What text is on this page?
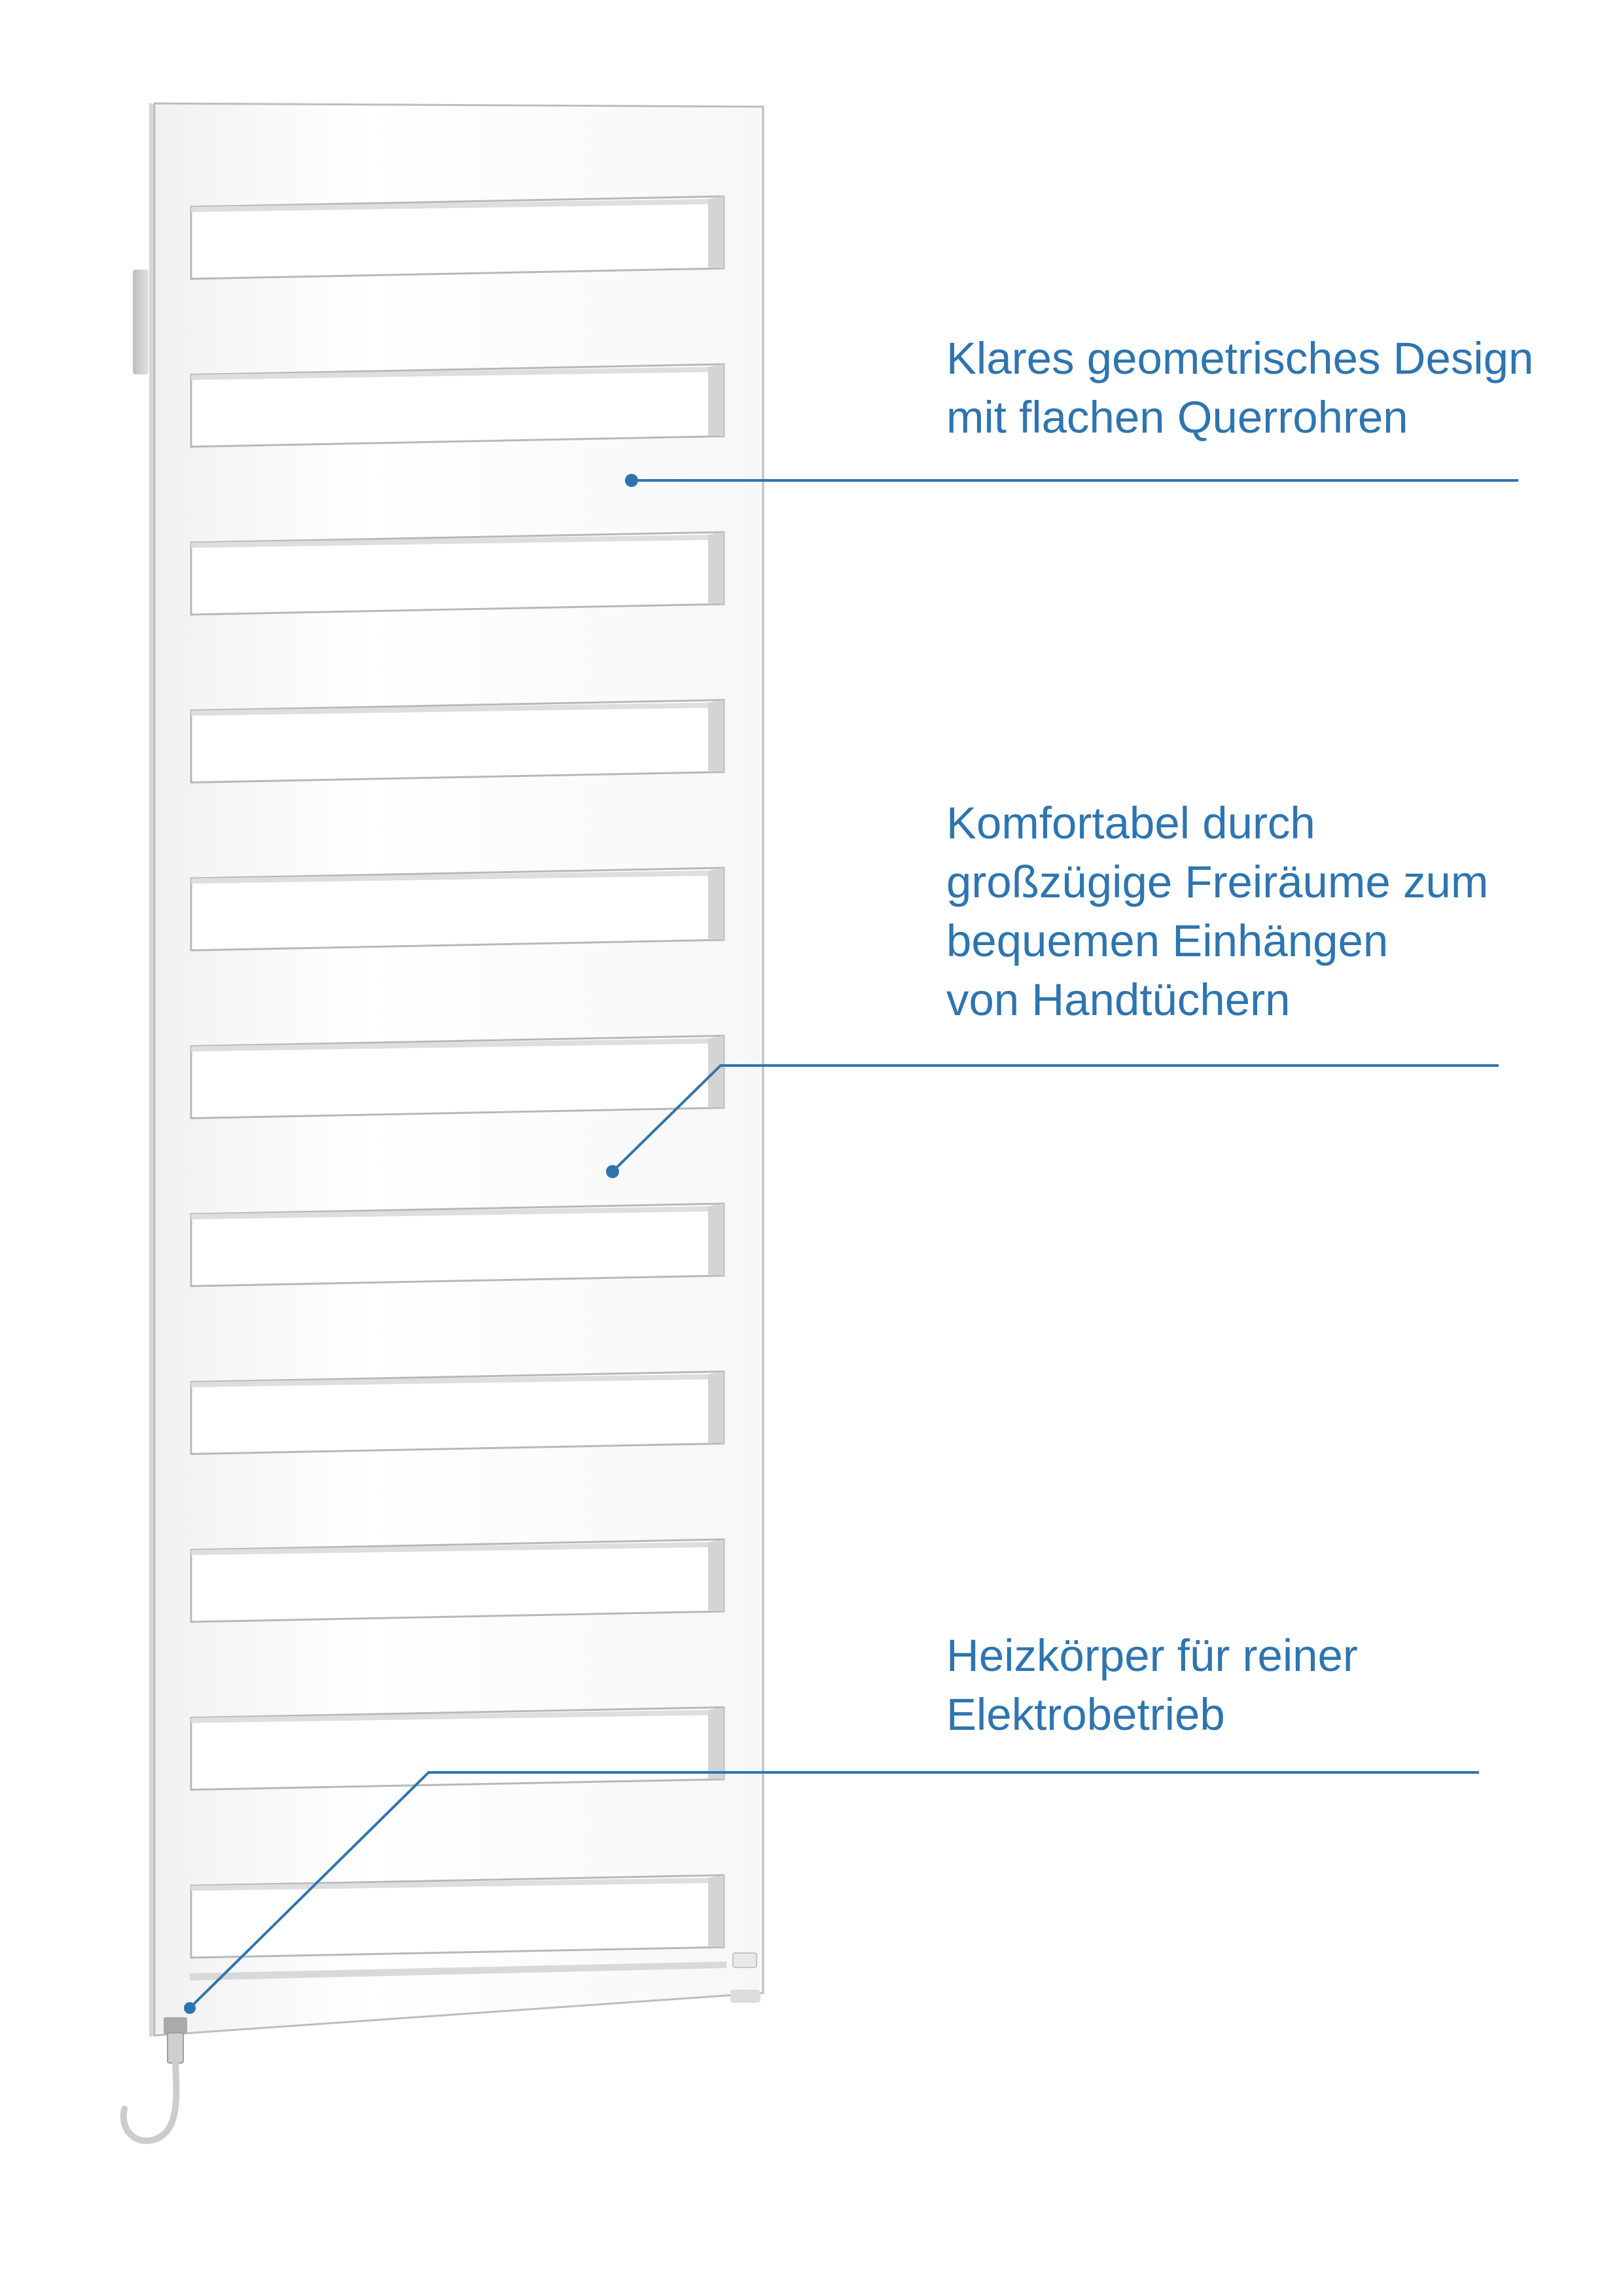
Klares geometrisches Design
mit flachen Querrohren

Komfortabel durch
großzügige Freiräume zum
bequemen Einhängen
von Handtüchern

Heizkörper für reiner
Elektrobetrieb
